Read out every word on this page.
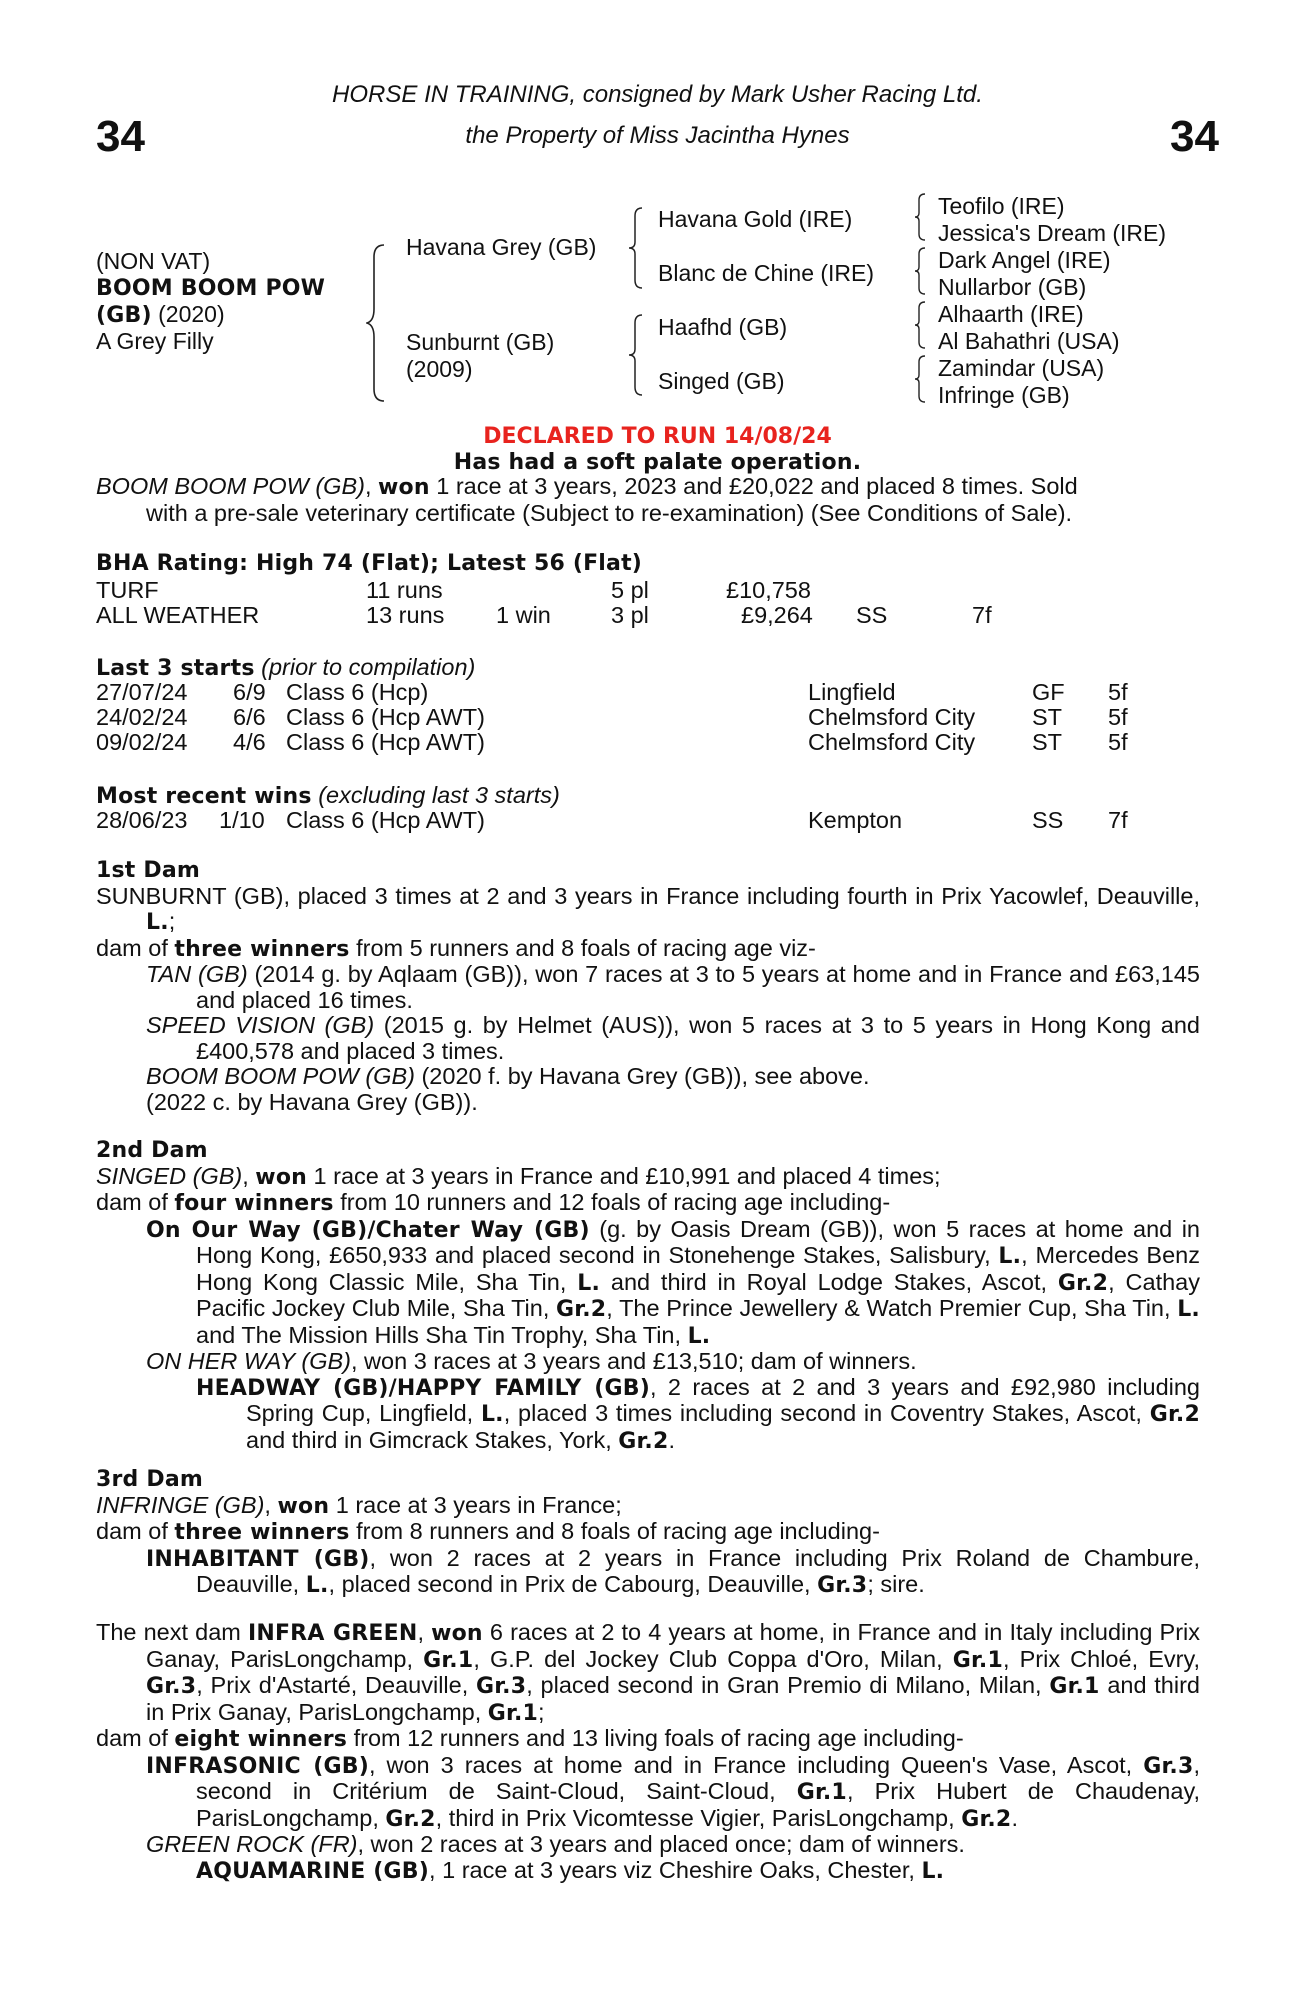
34	34
HORSE IN TRAINING, consigned by Mark Usher Racing Ltd.
the Property of Miss Jacintha Hynes
(NON VAT)
BOOM BOOM POW
(GB) (2020)
A Grey Filly
Havana Grey (GB)
Sunburnt (GB)
(2009)
Havana Gold (IRE)
Blanc de Chine (IRE)
Haafhd (GB)
Singed (GB)
Teofilo (IRE)
Jessica's Dream (IRE)
Dark Angel (IRE)
Nullarbor (GB)
Alhaarth (IRE)
Al Bahathri (USA)
Zamindar (USA)
Infringe (GB)
DECLARED TO RUN 14/08/24
Has had a soft palate operation.

BOOM BOOM POW (GB), won 1 race at 3 years, 2023 and £20,022 and placed 8 times. Sold

with a pre-sale veterinary certificate (Subject to re-examination) (See Conditions of Sale).

BHA Rating: High 74 (Flat); Latest 56 (Flat)
TURF	11 runs	5 pl	£10,758
ALL WEATHER	13 runs 1 win	3 pl	£9,264 SS	7f
Last 3 starts (prior to compilation)
27/07/24 6/9 Class 6 (Hcp)	Lingfield	GF 5f
24/02/24 6/6 Class 6 (Hcp AWT)	Chelmsford City ST 5f
09/02/24 4/6 Class 6 (Hcp AWT)	Chelmsford City ST 5f
Most recent wins (excluding last 3 starts)
28/06/23 1/10 Class 6 (Hcp AWT)	Kempton	SS 7f

1st Dam

SUNBURNT (GB), placed 3 times at 2 and 3 years in France including fourth in Prix Yacowlef, Deauville, L.;

dam of three winners from 5 runners and 8 foals of racing age viz-

TAN (GB) (2014 g. by Aqlaam (GB)), won 7 races at 3 to 5 years at home and in France and £63,145 and placed 16 times.

SPEED VISION (GB) (2015 g. by Helmet (AUS)), won 5 races at 3 to 5 years in Hong Kong and £400,578 and placed 3 times.

BOOM BOOM POW (GB) (2020 f. by Havana Grey (GB)), see above.

(2022 c. by Havana Grey (GB)).

2nd Dam

SINGED (GB), won 1 race at 3 years in France and £10,991 and placed 4 times;

dam of four winners from 10 runners and 12 foals of racing age including-

On Our Way (GB)/Chater Way (GB) (g. by Oasis Dream (GB)), won 5 races at home and in Hong Kong, £650,933 and placed second in Stonehenge Stakes, Salisbury, L., Mercedes Benz Hong Kong Classic Mile, Sha Tin, L. and third in Royal Lodge Stakes, Ascot, Gr.2, Cathay Pacific Jockey Club Mile, Sha Tin, Gr.2, The Prince Jewellery & Watch Premier Cup, Sha Tin, L. and The Mission Hills Sha Tin Trophy, Sha Tin, L.

ON HER WAY (GB), won 3 races at 3 years and £13,510; dam of winners.

HEADWAY (GB)/HAPPY FAMILY (GB), 2 races at 2 and 3 years and £92,980 including Spring Cup, Lingfield, L., placed 3 times including second in Coventry Stakes, Ascot, Gr.2 and third in Gimcrack Stakes, York, Gr.2.

3rd Dam

INFRINGE (GB), won 1 race at 3 years in France;

dam of three winners from 8 runners and 8 foals of racing age including-

INHABITANT (GB), won 2 races at 2 years in France including Prix Roland de Chambure, Deauville, L., placed second in Prix de Cabourg, Deauville, Gr.3; sire.

The next dam INFRA GREEN, won 6 races at 2 to 4 years at home, in France and in Italy including Prix Ganay, ParisLongchamp, Gr.1, G.P. del Jockey Club Coppa d'Oro, Milan, Gr.1, Prix Chloé, Evry, Gr.3, Prix d'Astarté, Deauville, Gr.3, placed second in Gran Premio di Milano, Milan, Gr.1 and third in Prix Ganay, ParisLongchamp, Gr.1;

dam of eight winners from 12 runners and 13 living foals of racing age including-

INFRASONIC (GB), won 3 races at home and in France including Queen's Vase, Ascot, Gr.3, second in Critérium de Saint-Cloud, Saint-Cloud, Gr.1, Prix Hubert de Chaudenay, ParisLongchamp, Gr.2, third in Prix Vicomtesse Vigier, ParisLongchamp, Gr.2.

GREEN ROCK (FR), won 2 races at 3 years and placed once; dam of winners.

AQUAMARINE (GB), 1 race at 3 years viz Cheshire Oaks, Chester, L.
